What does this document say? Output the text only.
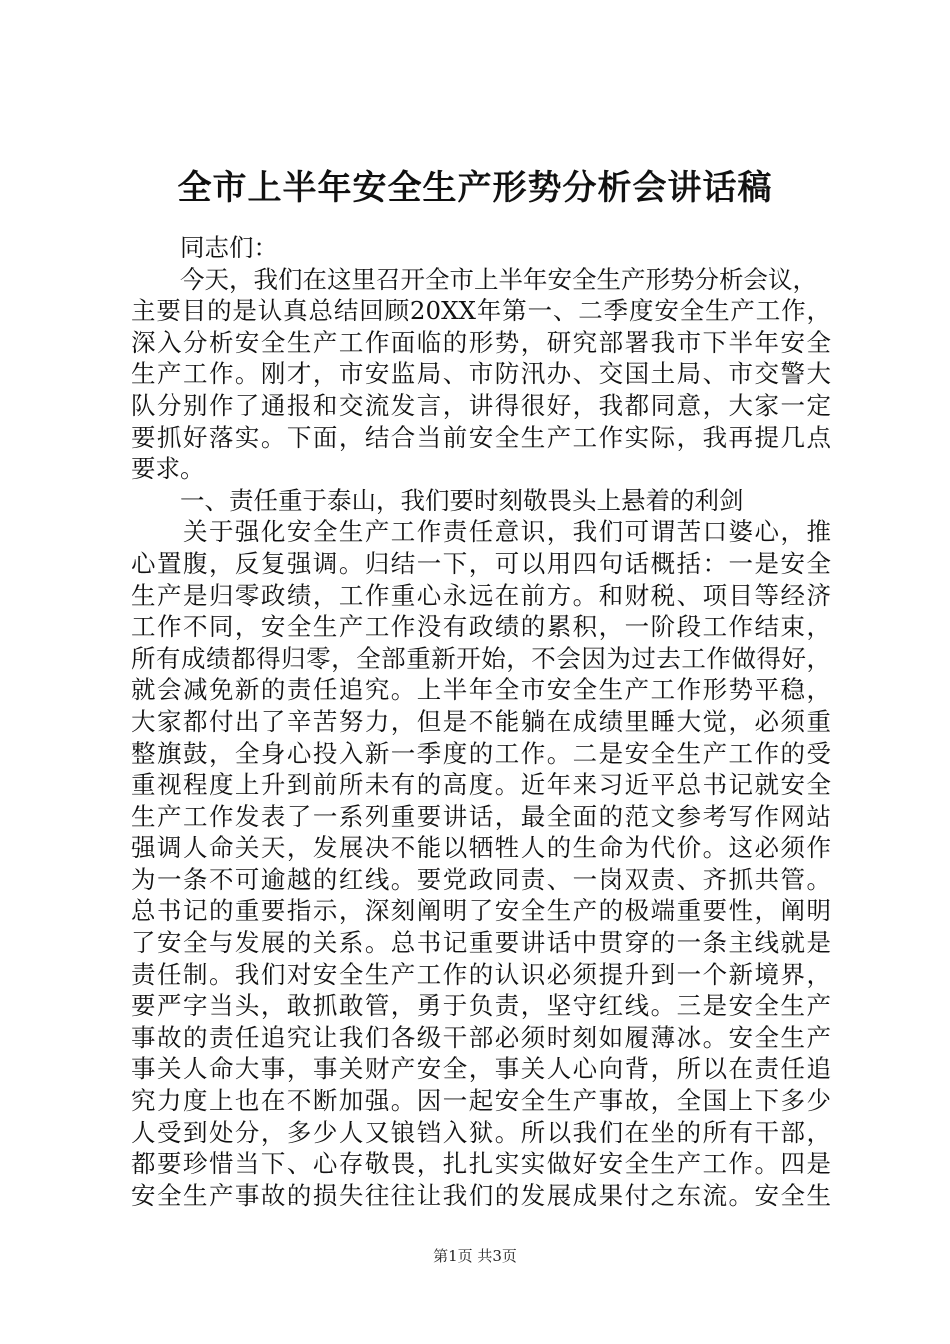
全市上半年安全生产形势分析会讲话稿
　　同志们：
　　今天，我们在这里召开全市上半年安全生产形势分析会议，
主要目的是认真总结回顾20XX年第一、二季度安全生产工作，
深入分析安全生产工作面临的形势，研究部署我市下半年安全
生产工作。刚才，市安监局、市防汛办、交国土局、市交警大
队分别作了通报和交流发言，讲得很好，我都同意，大家一定
要抓好落实。下面，结合当前安全生产工作实际，我再提几点
要求。
　　一、责任重于泰山，我们要时刻敬畏头上悬着的利剑
　　关于强化安全生产工作责任意识，我们可谓苦口婆心，推
心置腹，反复强调。归结一下，可以用四句话概括：一是安全
生产是归零政绩，工作重心永远在前方。和财税、项目等经济
工作不同，安全生产工作没有政绩的累积，一阶段工作结束，
所有成绩都得归零，全部重新开始，不会因为过去工作做得好，
就会减免新的责任追究。上半年全市安全生产工作形势平稳，
大家都付出了辛苦努力，但是不能躺在成绩里睡大觉，必须重
整旗鼓，全身心投入新一季度的工作。二是安全生产工作的受
重视程度上升到前所未有的高度。近年来习近平总书记就安全
生产工作发表了一系列重要讲话，最全面的范文参考写作网站
强调人命关天，发展决不能以牺牲人的生命为代价。这必须作
为一条不可逾越的红线。要党政同责、一岗双责、齐抓共管。
总书记的重要指示，深刻阐明了安全生产的极端重要性，阐明
了安全与发展的关系。总书记重要讲话中贯穿的一条主线就是
责任制。我们对安全生产工作的认识必须提升到一个新境界，
要严字当头，敢抓敢管，勇于负责，坚守红线。三是安全生产
事故的责任追究让我们各级干部必须时刻如履薄冰。安全生产
事关人命大事，事关财产安全，事关人心向背，所以在责任追
究力度上也在不断加强。因一起安全生产事故，全国上下多少
人受到处分，多少人又锒铛入狱。所以我们在坐的所有干部，
都要珍惜当下、心存敬畏，扎扎实实做好安全生产工作。四是
安全生产事故的损失往往让我们的发展成果付之东流。安全生
第1页 共3页
